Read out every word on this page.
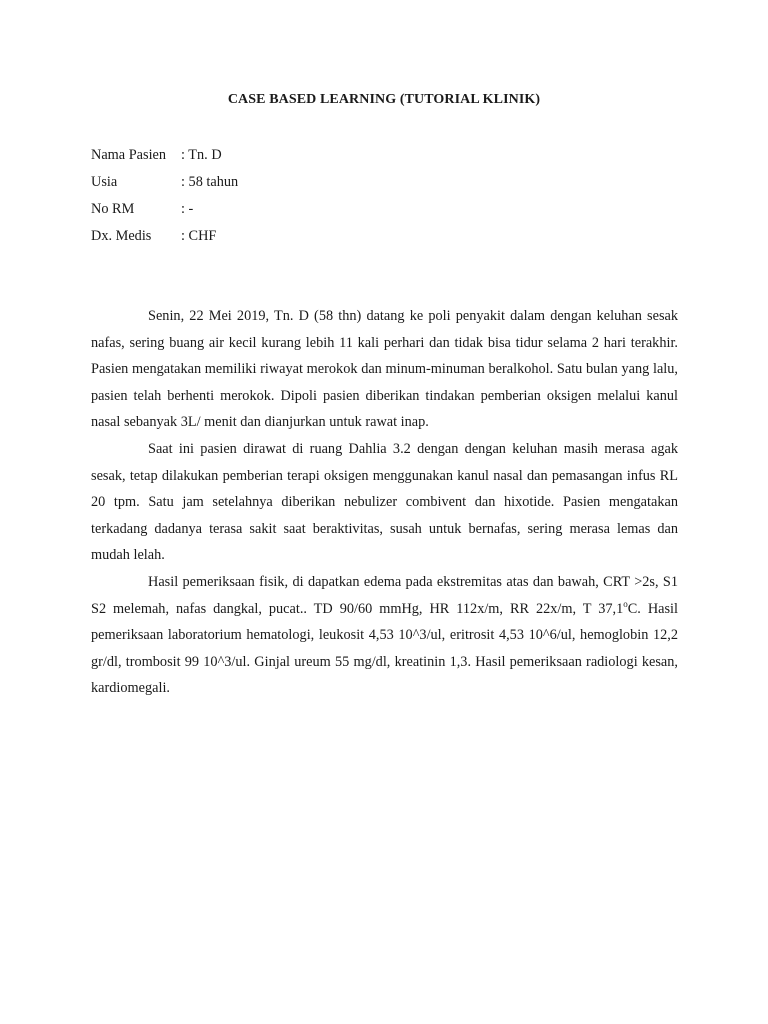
CASE BASED LEARNING (TUTORIAL KLINIK)
Nama Pasien	: Tn. D
Usia	: 58 tahun
No RM	: -
Dx. Medis	: CHF

Senin, 22 Mei 2019, Tn. D (58 thn) datang ke poli penyakit dalam dengan keluhan sesak nafas, sering buang air kecil kurang lebih 11 kali perhari dan tidak bisa tidur selama 2 hari terakhir. Pasien mengatakan memiliki riwayat merokok dan minum-minuman beralkohol. Satu bulan yang lalu, pasien telah berhenti merokok. Dipoli pasien diberikan tindakan pemberian oksigen melalui kanul nasal sebanyak 3L/ menit dan dianjurkan untuk rawat inap.

Saat ini pasien dirawat di ruang Dahlia 3.2 dengan dengan keluhan masih merasa agak sesak, tetap dilakukan pemberian terapi oksigen menggunakan kanul nasal dan pemasangan infus RL 20 tpm. Satu jam setelahnya diberikan nebulizer combivent dan hixotide. Pasien mengatakan terkadang dadanya terasa sakit saat beraktivitas, susah untuk bernafas, sering merasa lemas dan mudah lelah.

Hasil pemeriksaan fisik, di dapatkan edema pada ekstremitas atas dan bawah, CRT >2s, S1 S2 melemah, nafas dangkal, pucat.. TD 90/60 mmHg, HR 112x/m, RR 22x/m, T 37,1$^o$C. Hasil pemeriksaan laboratorium hematologi, leukosit 4,53 10^3/ul, eritrosit 4,53 10^6/ul, hemoglobin 12,2 gr/dl, trombosit 99 10^3/ul. Ginjal ureum 55 mg/dl, kreatinin 1,3. Hasil pemeriksaan radiologi kesan, kardiomegali.
